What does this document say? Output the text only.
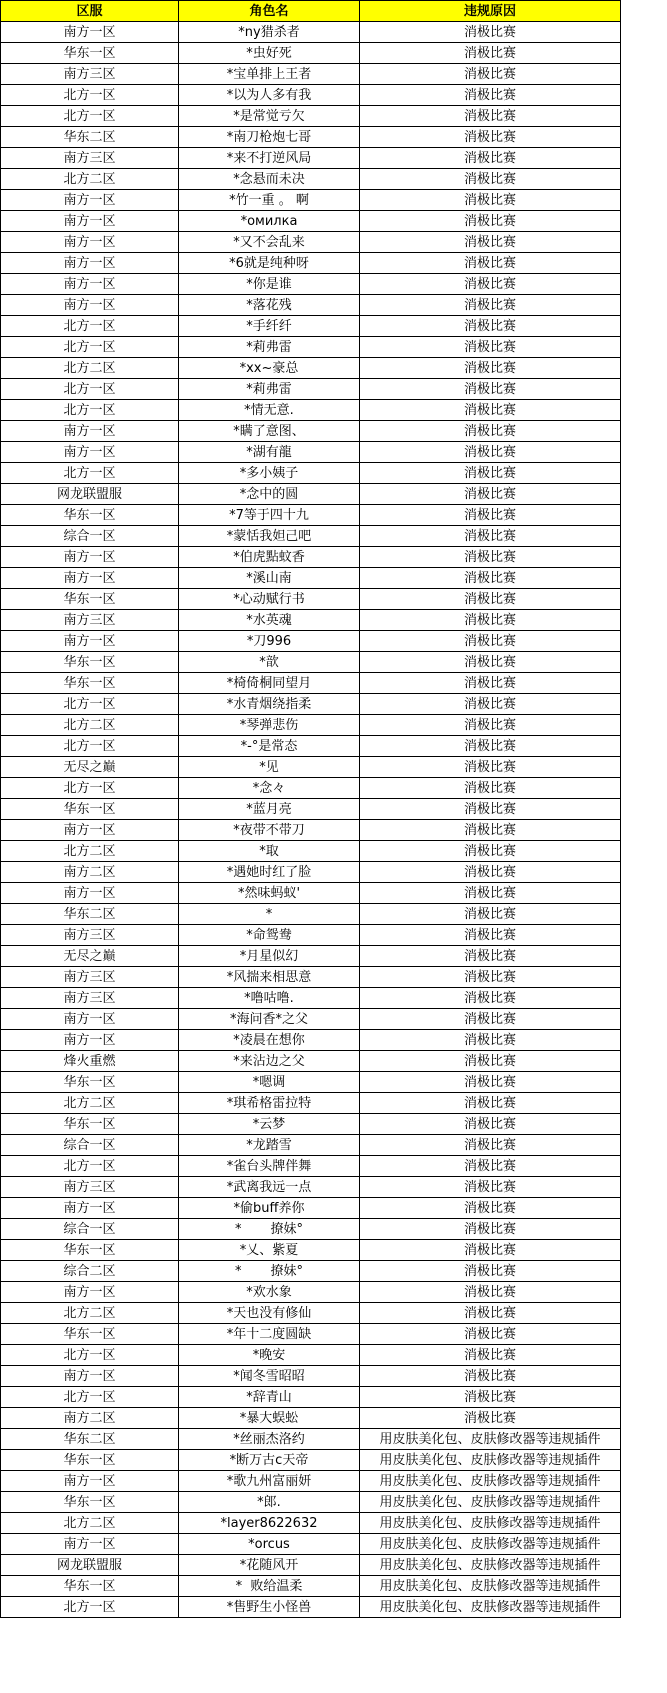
区服	角色名	违规原因
南方一区	*ny猎杀者	消极比赛
华东一区	*虫好死	消极比赛
南方三区	*宝单排上王者	消极比赛
北方一区	*以为人多有我	消极比赛
北方一区	*是常觉亏欠	消极比赛
华东二区	*南刀枪炮七哥	消极比赛
南方三区	*来不打逆风局	消极比赛
北方二区	*念悬而未决	消极比赛
南方一区	*竹一重 。 啊	消极比赛
南方一区	*омилка	消极比赛
南方一区	*又不会乱来	消极比赛
南方一区	*6就是纯种呀	消极比赛
南方一区	*你是谁	消极比赛
南方一区	*落花残	消极比赛
北方一区	*手纤纤	消极比赛
北方一区	*莉弗雷	消极比赛
北方二区	*xx~豪总	消极比赛
北方一区	*莉弗雷	消极比赛
北方一区	*情无意.	消极比赛
南方一区	*瞒了意图、	消极比赛
南方一区	*湖有龍	消极比赛
北方一区	*多小姨子	消极比赛
网龙联盟服	*念中的圆	消极比赛
华东一区	*7等于四十九	消极比赛
综合一区	*蒙恬我妲己吧	消极比赛
南方一区	*伯虎點蚊香	消极比赛
南方一区	*溪山南	消极比赛
华东一区	*心动赋行书	消极比赛
南方三区	*水英魂	消极比赛
南方一区	*刀996	消极比赛
华东一区	*歆	消极比赛
华东一区	*椅倚桐同望月	消极比赛
北方一区	*水青烟绕指柔	消极比赛
北方二区	*琴弹悲伤	消极比赛
北方一区	*-°是常态	消极比赛
无尽之巅	*见	消极比赛
北方一区	*念々	消极比赛
华东一区	*蓝月亮	消极比赛
南方一区	*夜带不带刀	消极比赛
北方二区	*取	消极比赛
南方二区	*遇她时红了脸	消极比赛
南方一区	*然味蚂蚁'	消极比赛
华东二区	*	消极比赛
南方三区	*命鸳鸯	消极比赛
无尽之巅	*月星似幻	消极比赛
南方三区	*风揣来相思意	消极比赛
南方三区	*噜咕噜.	消极比赛
南方一区	*海问香*之父	消极比赛
南方一区	*凌晨在想你	消极比赛
烽火重燃	*来沾边之父	消极比赛
华东一区	*嗯调	消极比赛
北方二区	*琪希格雷拉特	消极比赛
华东一区	*云梦	消极比赛
综合一区	*龙踏雪	消极比赛
北方一区	*雀台头牌伴舞	消极比赛
南方三区	*武离我远一点	消极比赛
南方一区	*偷buff养你	消极比赛
综合一区	*       撩妹°	消极比赛
华东一区	*乂、紫夏	消极比赛
综合二区	*       撩妹°	消极比赛
南方一区	*欢水象	消极比赛
北方二区	*天也没有修仙	消极比赛
华东一区	*年十二度圆缺	消极比赛
北方一区	*晚安	消极比赛
南方一区	*闻冬雪昭昭	消极比赛
北方一区	*辞青山	消极比赛
南方二区	*暴大蜈蚣	消极比赛
华东二区	*丝丽杰洛约	用皮肤美化包、皮肤修改器等违规插件
华东一区	*断万古c天帝	用皮肤美化包、皮肤修改器等违规插件
南方一区	*歌九州富丽妍	用皮肤美化包、皮肤修改器等违规插件
华东一区	*郎.	用皮肤美化包、皮肤修改器等违规插件
北方二区	*layer8622632	用皮肤美化包、皮肤修改器等违规插件
南方一区	*orcus	用皮肤美化包、皮肤修改器等违规插件
网龙联盟服	*花随风开	用皮肤美化包、皮肤修改器等违规插件
华东一区	*  败给温柔	用皮肤美化包、皮肤修改器等违规插件
北方一区	*售野生小怪兽	用皮肤美化包、皮肤修改器等违规插件
